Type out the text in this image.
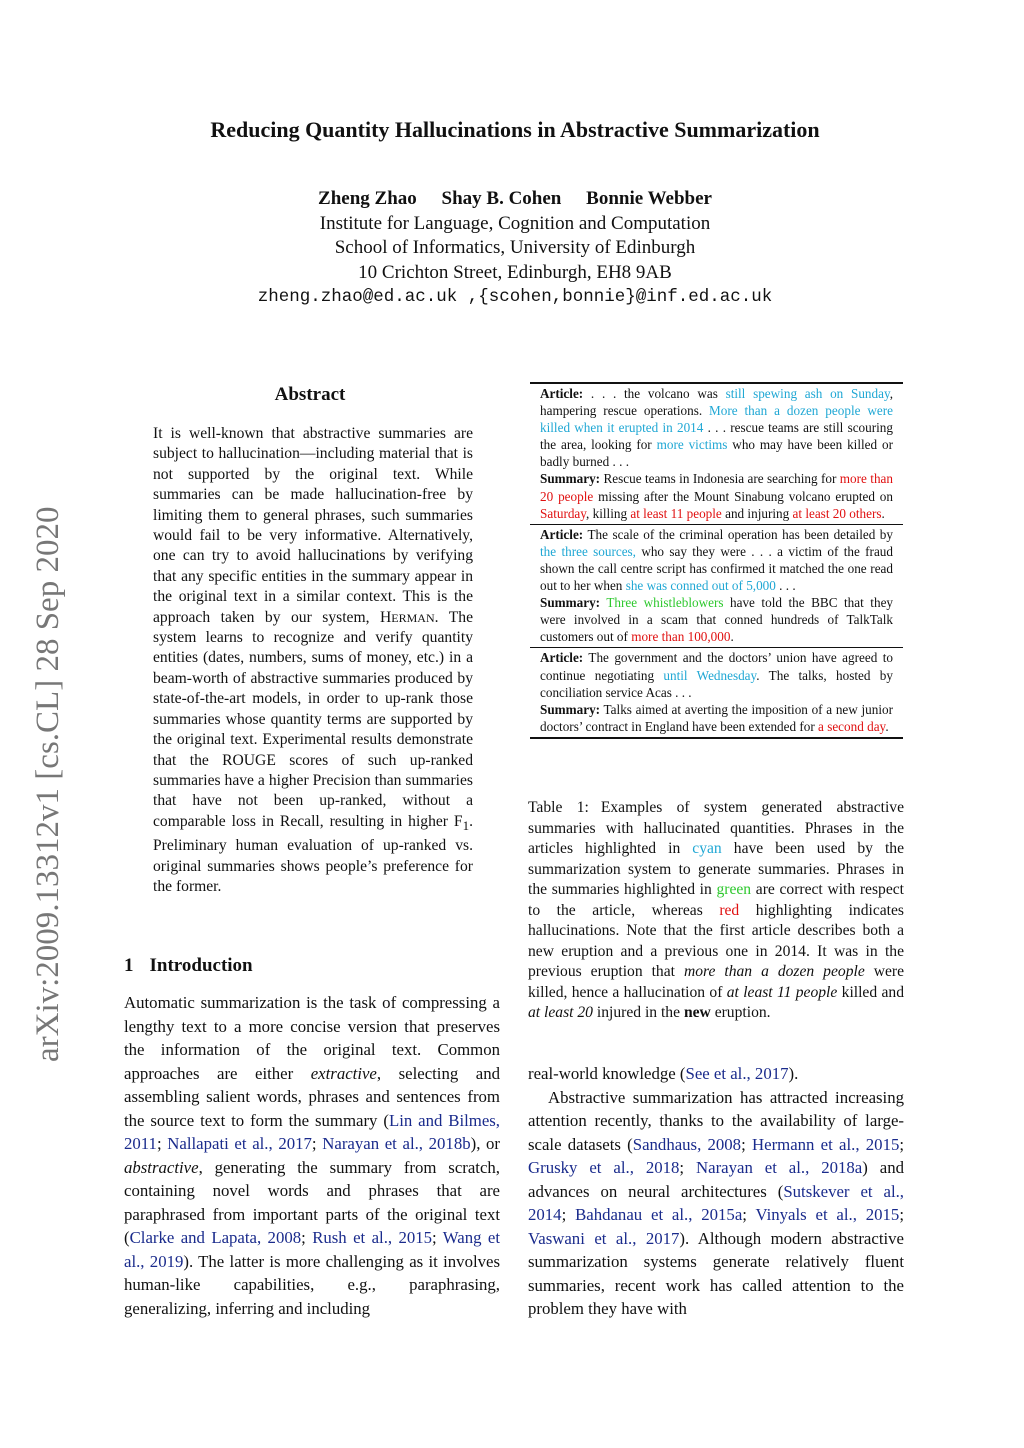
Reducing Quantity Hallucinations in Abstractive Summarization
Zheng Zhao Shay B. Cohen Bonnie Webber
Institute for Language, Cognition and Computation
School of Informatics, University of Edinburgh
10 Crichton Street, Edinburgh, EH8 9AB
zheng.zhao@ed.ac.uk ,{scohen,bonnie}@inf.ed.ac.uk
arXiv:2009.13312v1 [cs.CL] 28 Sep 2020
Abstract

It is well-known that abstractive summaries are subject to hallucination—including material that is not supported by the original text. While summaries can be made hallucination-free by limiting them to general phrases, such summaries would fail to be very informative. Alternatively, one can try to avoid hallucinations by verifying that any specific entities in the summary appear in the original text in a similar context. This is the approach taken by our system, HERMAN. The system learns to recognize and verify quantity entities (dates, numbers, sums of money, etc.) in a beam-worth of abstractive summaries produced by state-of-the-art models, in order to up-rank those summaries whose quantity terms are supported by the original text. Experimental results demonstrate that the ROUGE scores of such up-ranked summaries have a higher Precision than summaries that have not been up-ranked, without a comparable loss in Recall, resulting in higher $F_1$. Preliminary human evaluation of up-ranked vs. original summaries shows people’s preference for the former.

1 Introduction

Automatic summarization is the task of compressing a lengthy text to a more concise version that preserves the information of the original text. Common approaches are either extractive, selecting and assembling salient words, phrases and sentences from the source text to form the summary (Lin and Bilmes, 2011; Nallapati et al., 2017; Narayan et al., 2018b), or abstractive, generating the summary from scratch, containing novel words and phrases that are paraphrased from important parts of the original text (Clarke and Lapata, 2008; Rush et al., 2015; Wang et al., 2019). The latter is more challenging as it involves human-like capabilities, e.g., paraphrasing, generalizing, inferring and including

Article: . . . the volcano was still spewing ash on Sunday, hampering rescue operations. More than a dozen people were killed when it erupted in 2014 . . . rescue teams are still scouring the area, looking for more victims who may have been killed or badly burned . . .

Summary: Rescue teams in Indonesia are searching for more than 20 people missing after the Mount Sinabung volcano erupted on Saturday, killing at least 11 people and injuring at least 20 others.

Article: The scale of the criminal operation has been detailed by the three sources, who say they were . . . a victim of the fraud shown the call centre script has confirmed it matched the one read out to her when she was conned out of 5,000 . . .

Summary: Three whistleblowers have told the BBC that they were involved in a scam that conned hundreds of TalkTalk customers out of more than 100,000.

Article: The government and the doctors’ union have agreed to continue negotiating until Wednesday. The talks, hosted by conciliation service Acas . . .

Summary: Talks aimed at averting the imposition of a new junior doctors’ contract in England have been extended for a second day.

Table 1: Examples of system generated abstractive summaries with hallucinated quantities. Phrases in the articles highlighted in cyan have been used by the summarization system to generate summaries. Phrases in the summaries highlighted in green are correct with respect to the article, whereas red highlighting indicates hallucinations. Note that the first article describes both a new eruption and a previous one in 2014. It was in the previous eruption that more than a dozen people were killed, hence a hallucination of at least 11 people killed and at least 20 injured in the new eruption.

real-world knowledge (See et al., 2017).

Abstractive summarization has attracted increasing attention recently, thanks to the availability of large-scale datasets (Sandhaus, 2008; Hermann et al., 2015; Grusky et al., 2018; Narayan et al., 2018a) and advances on neural architectures (Sutskever et al., 2014; Bahdanau et al., 2015a; Vinyals et al., 2015; Vaswani et al., 2017). Although modern abstractive summarization systems generate relatively fluent summaries, recent work has called attention to the problem they have with
